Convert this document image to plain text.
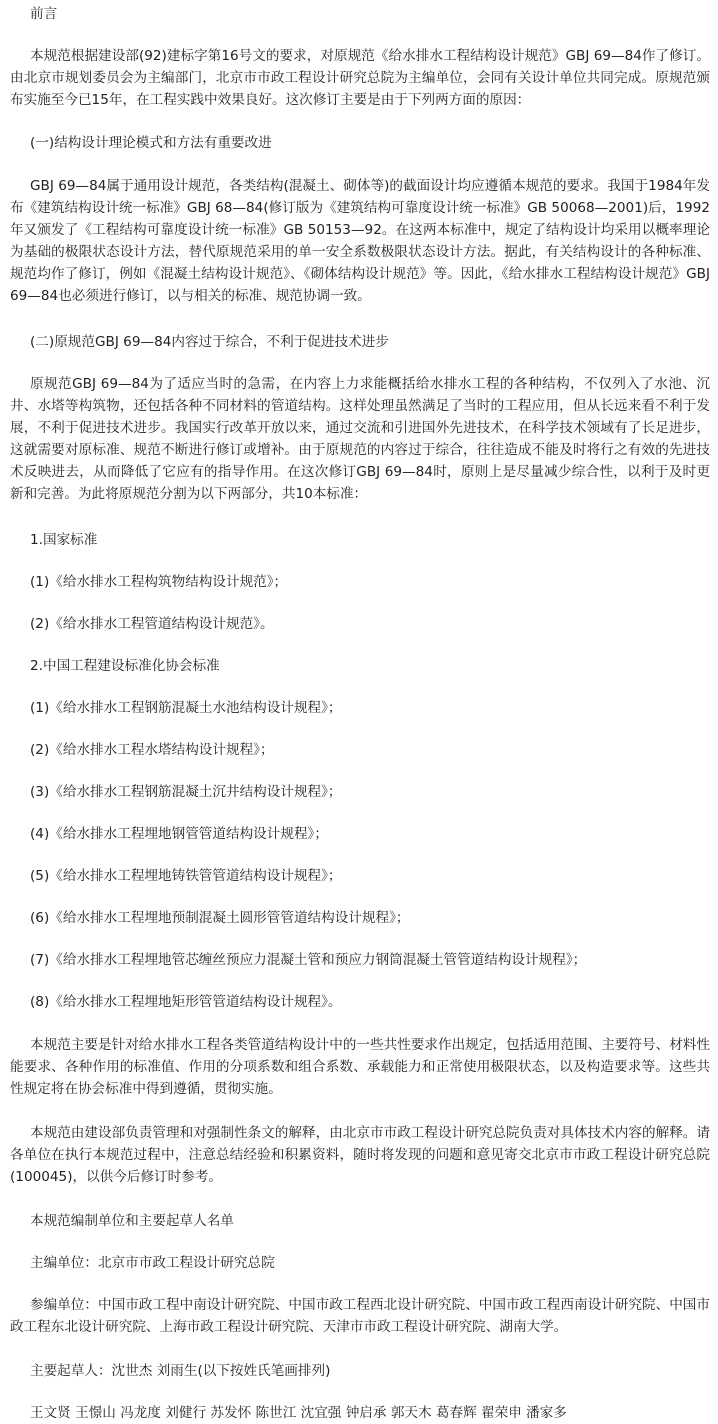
前言

本规范根据建设部(92)建标字第16号文的要求，对原规范《给水排水工程结构设计规范》GBJ 69—84作了修订。由北京市规划委员会为主编部门，北京市市政工程设计研究总院为主编单位，会同有关设计单位共同完成。原规范颁布实施至今已15年，在工程实践中效果良好。这次修订主要是由于下列两方面的原因：

(一)结构设计理论模式和方法有重要改进

GBJ 69—84属于通用设计规范，各类结构(混凝土、砌体等)的截面设计均应遵循本规范的要求。我国于1984年发布《建筑结构设计统一标准》GBJ 68—84(修订版为《建筑结构可靠度设计统一标准》GB 50068—2001)后，1992年又颁发了《工程结构可靠度设计统一标准》GB 50153—92。在这两本标准中，规定了结构设计均采用以概率理论为基础的极限状态设计方法，替代原规范采用的单一安全系数极限状态设计方法。据此，有关结构设计的各种标准、规范均作了修订，例如《混凝土结构设计规范》、《砌体结构设计规范》等。因此，《给水排水工程结构设计规范》GBJ 69—84也必须进行修订，以与相关的标准、规范协调一致。

(二)原规范GBJ 69—84内容过于综合，不利于促进技术进步

原规范GBJ 69—84为了适应当时的急需，在内容上力求能概括给水排水工程的各种结构，不仅列入了水池、沉井、水塔等构筑物，还包括各种不同材料的管道结构。这样处理虽然满足了当时的工程应用，但从长远来看不利于发展，不利于促进技术进步。我国实行改革开放以来，通过交流和引进国外先进技术，在科学技术领域有了长足进步，这就需要对原标准、规范不断进行修订或增补。由于原规范的内容过于综合，往往造成不能及时将行之有效的先进技术反映进去，从而降低了它应有的指导作用。在这次修订GBJ 69—84时，原则上是尽量减少综合性，以利于及时更新和完善。为此将原规范分割为以下两部分，共10本标准：

1.国家标准

(1)《给水排水工程构筑物结构设计规范》；

(2)《给水排水工程管道结构设计规范》。

2.中国工程建设标准化协会标准

(1)《给水排水工程钢筋混凝土水池结构设计规程》；

(2)《给水排水工程水塔结构设计规程》；

(3)《给水排水工程钢筋混凝土沉井结构设计规程》；

(4)《给水排水工程埋地钢管管道结构设计规程》；

(5)《给水排水工程埋地铸铁管管道结构设计规程》；

(6)《给水排水工程埋地预制混凝土圆形管管道结构设计规程》；

(7)《给水排水工程埋地管芯缠丝预应力混凝土管和预应力钢筒混凝土管管道结构设计规程》；

(8)《给水排水工程埋地矩形管管道结构设计规程》。

本规范主要是针对给水排水工程各类管道结构设计中的一些共性要求作出规定，包括适用范围、主要符号、材料性能要求、各种作用的标准值、作用的分项系数和组合系数、承载能力和正常使用极限状态，以及构造要求等。这些共性规定将在协会标准中得到遵循，贯彻实施。

本规范由建设部负责管理和对强制性条文的解释，由北京市市政工程设计研究总院负责对具体技术内容的解释。请各单位在执行本规范过程中，注意总结经验和积累资料，随时将发现的问题和意见寄交北京市市政工程设计研究总院(100045)，以供今后修订时参考。

本规范编制单位和主要起草人名单

主编单位：北京市市政工程设计研究总院

参编单位：中国市政工程中南设计研究院、中国市政工程西北设计研究院、中国市政工程西南设计研究院、中国市政工程东北设计研究院、上海市政工程设计研究院、天津市市政工程设计研究院、湖南大学。

主要起草人：沈世杰 刘雨生(以下按姓氏笔画排列)

王文贤 王憬山 冯龙度 刘健行 苏发怀 陈世江 沈宜强 钟启承 郭天木 葛春辉 翟荣申 潘家多
